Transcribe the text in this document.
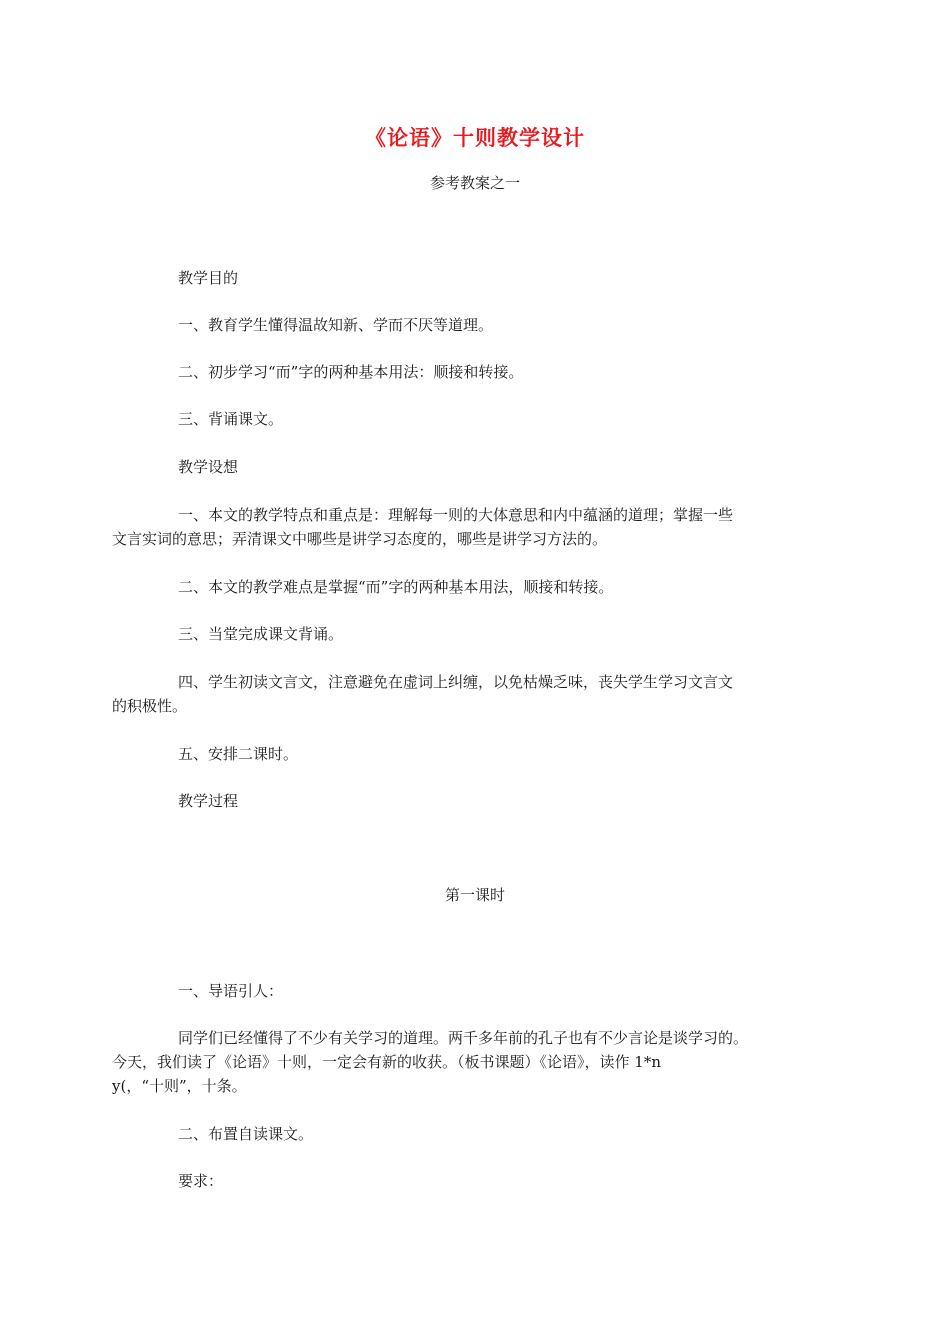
《论语》十则教学设计
参考教案之一
教学目的
一、教育学生懂得温故知新、学而不厌等道理。
二、初步学习“而”字的两种基本用法：顺接和转接。
三、背诵课文。
教学设想
一、本文的教学特点和重点是：理解每一则的大体意思和内中蕴涵的道理；掌握一些
文言实词的意思；弄清课文中哪些是讲学习态度的，哪些是讲学习方法的。
二、本文的教学难点是掌握“而”字的两种基本用法，顺接和转接。
三、当堂完成课文背诵。
四、学生初读文言文，注意避免在虚词上纠缠，以免枯燥乏味，丧失学生学习文言文
的积极性。
五、安排二课时。
教学过程
第一课时
一、导语引人：
同学们已经懂得了不少有关学习的道理。两千多年前的孔子也有不少言论是谈学习的。
今天，我们读了《论语》十则，一定会有新的收获。（板书课题）《论语》，读作 1*n
y(，“十则”，十条。
二、布置自读课文。
要求：
